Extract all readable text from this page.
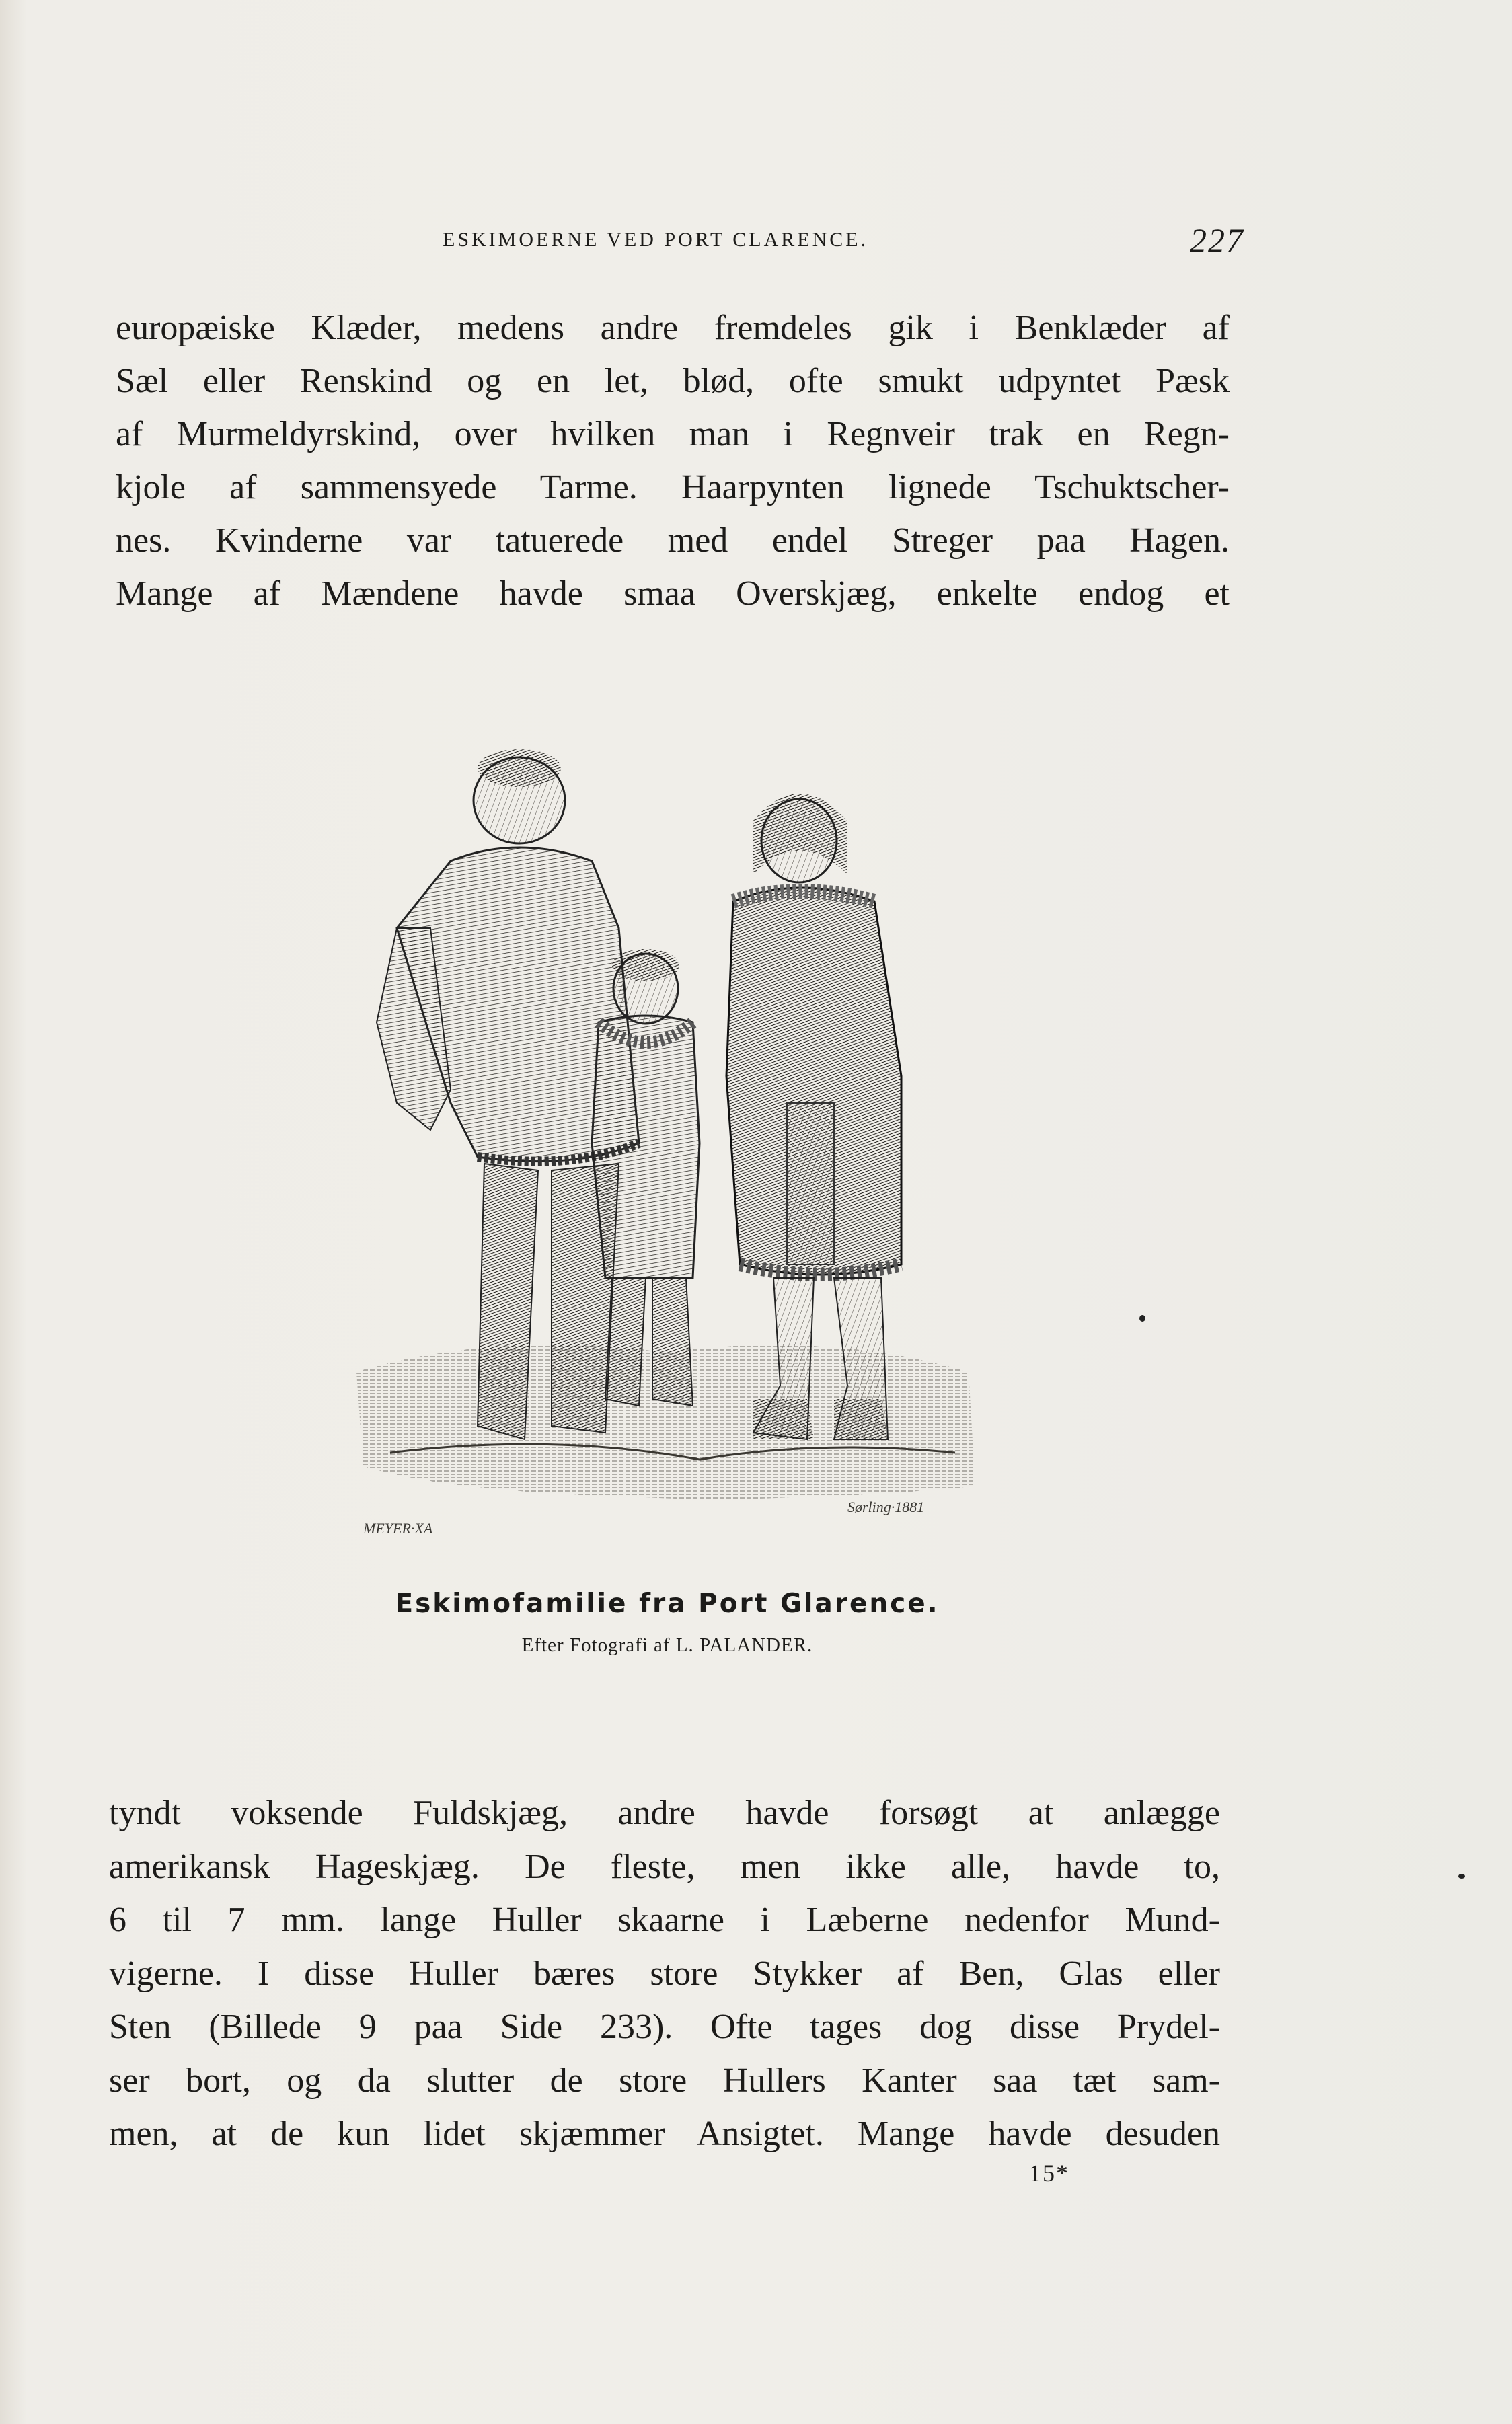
ESKIMOERNE VED PORT CLARENCE.	227
europæiske Klæder, medens andre fremdeles gik i Benklæder af
Sæl eller Renskind og en let, blød, ofte smukt udpyntet Pæsk
af Murmeldyrskind, over hvilken man i Regnveir trak en Regn-
kjole af sammensyede Tarme. Haarpynten lignede Tschuktscher-
nes. Kvinderne var tatuerede med endel Streger paa Hagen.
Mange af Mændene havde smaa Overskjæg, enkelte endog et
MEYER·XA
Sørling·1881
Eskimofamilie fra Port Glarence.
Efter Fotografi af L. PALANDER.
tyndt voksende Fuldskjæg, andre havde forsøgt at anlægge
amerikansk Hageskjæg. De fleste, men ikke alle, havde to,
6 til 7 mm. lange Huller skaarne i Læberne nedenfor Mund-
vigerne. I disse Huller bæres store Stykker af Ben, Glas eller
Sten (Billede 9 paa Side 233). Ofte tages dog disse Prydel-
ser bort, og da slutter de store Hullers Kanter saa tæt sam-
men, at de kun lidet skjæmmer Ansigtet. Mange havde desuden
15*
